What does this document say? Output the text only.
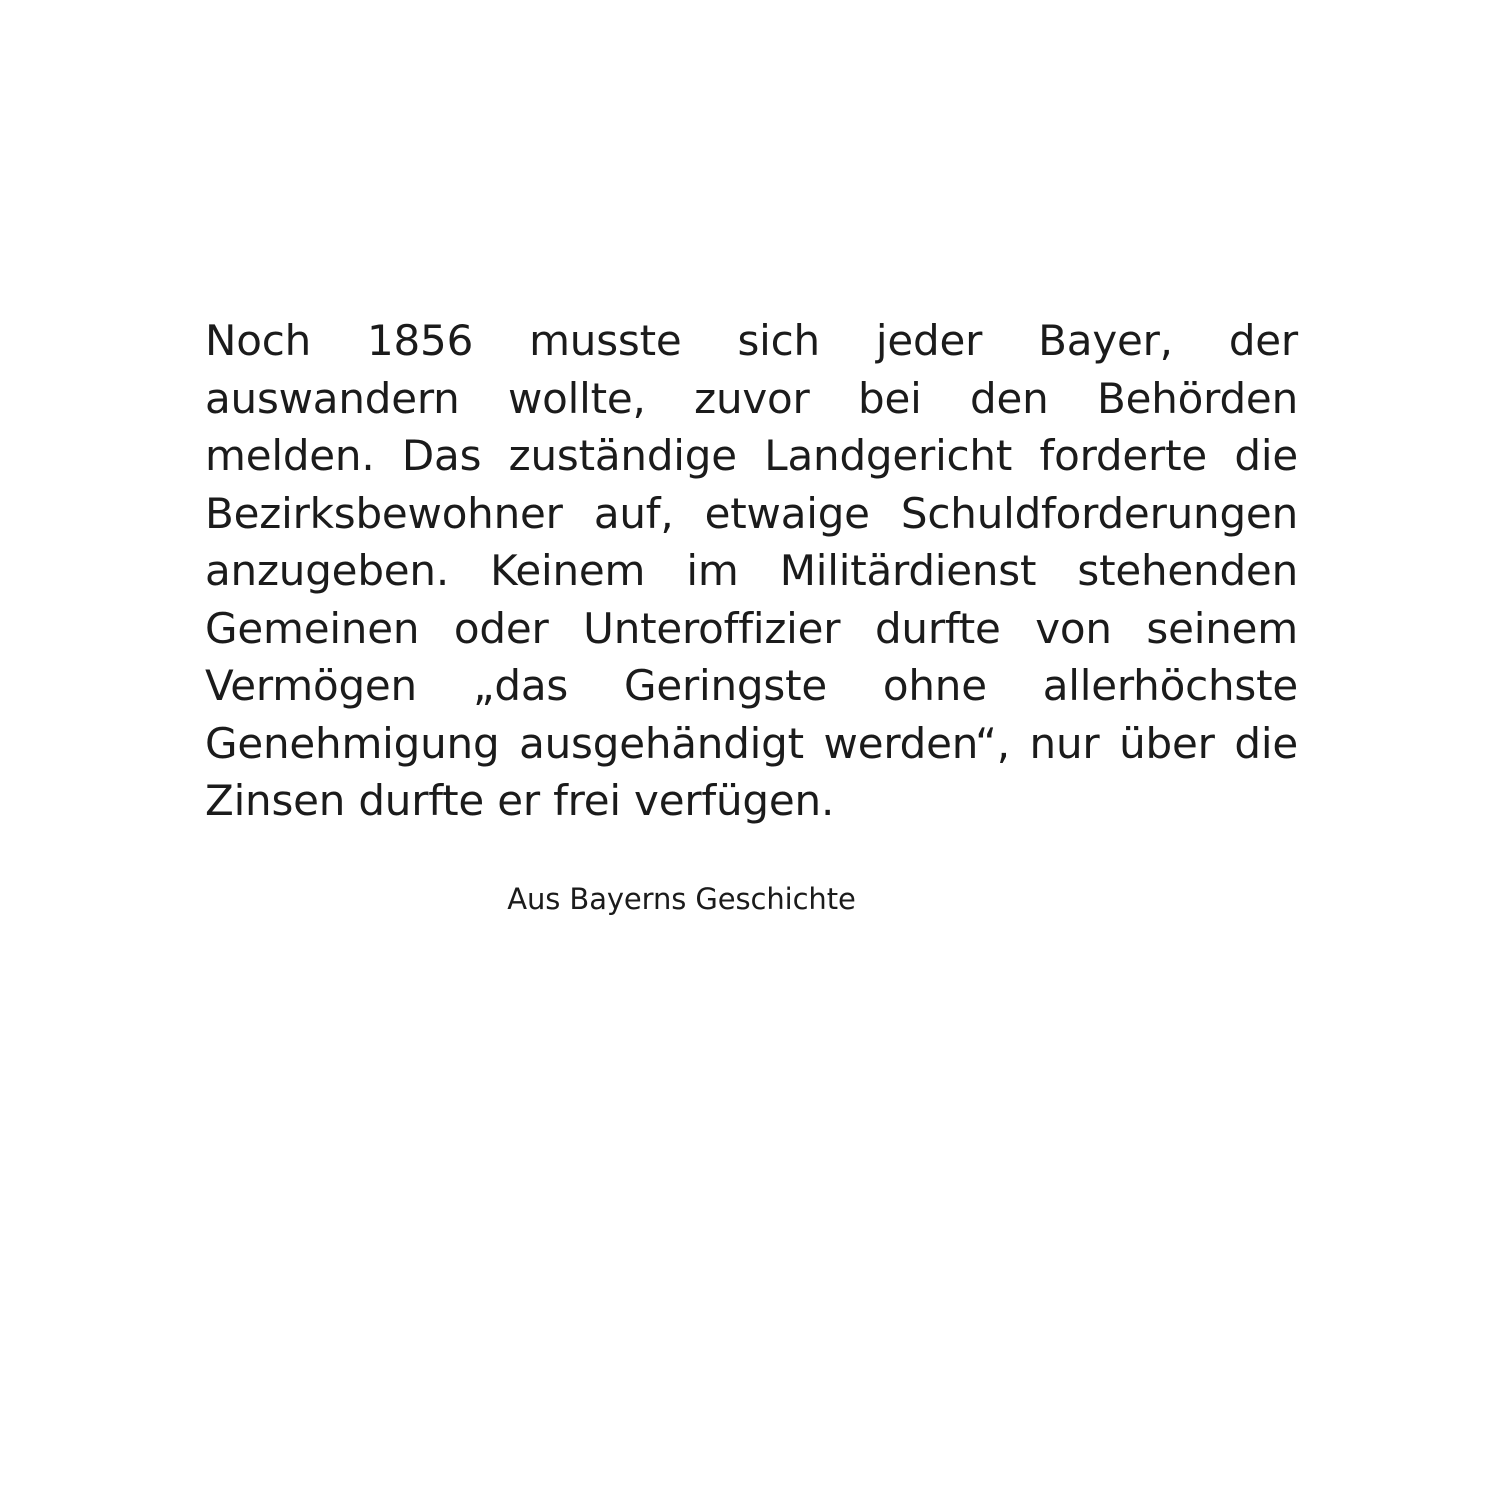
Noch 1856 musste sich jeder Bayer, der auswandern wollte, zuvor bei den Behörden melden. Das zuständige Landgericht forderte die Bezirksbewohner auf, etwaige Schuldforderungen anzugeben. Keinem im Militärdienst stehenden Gemeinen oder Unteroffizier durfte von seinem Vermögen „das Geringste ohne allerhöchste Genehmigung ausgehändigt werden“, nur über die Zinsen durfte er frei verfügen.

Aus Bayerns Geschichte
